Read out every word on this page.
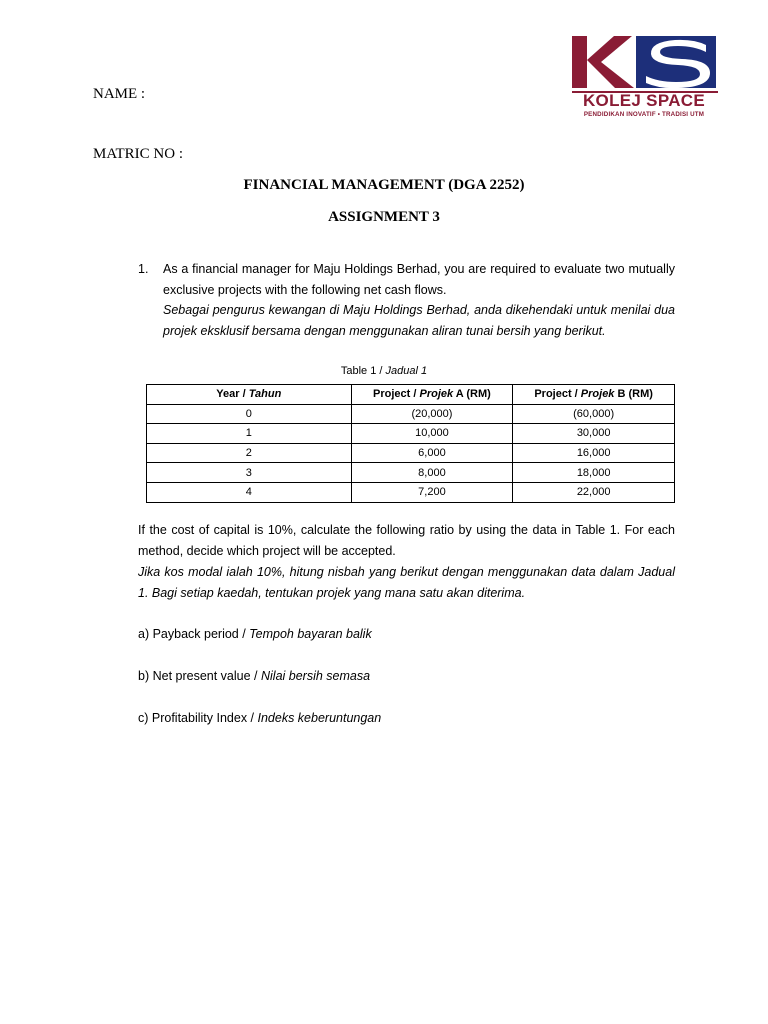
NAME :
MATRIC NO :
FINANCIAL MANAGEMENT (DGA 2252)
ASSIGNMENT 3
KOLEJ SPACE
PENDIDIKAN INOVATIF • TRADISI UTM
1. As a financial manager for Maju Holdings Berhad, you are required to evaluate two mutually exclusive projects with the following net cash flows.
Sebagai pengurus kewangan di Maju Holdings Berhad, anda dikehendaki untuk menilai dua projek eksklusif bersama dengan menggunakan aliran tunai bersih yang berikut.
Table 1 / Jadual 1
Year / Tahun	Project / Projek A (RM)	Project / Projek B (RM)
0	(20,000)	(60,000)
1	10,000	30,000
2	6,000	16,000
3	8,000	18,000
4	7,200	22,000
If the cost of capital is 10%, calculate the following ratio by using the data in Table 1. For each method, decide which project will be accepted.
Jika kos modal ialah 10%, hitung nisbah yang berikut dengan menggunakan data dalam Jadual 1. Bagi setiap kaedah, tentukan projek yang mana satu akan diterima.
a) Payback period / Tempoh bayaran balik
b) Net present value / Nilai bersih semasa
c) Profitability Index / Indeks keberuntungan
